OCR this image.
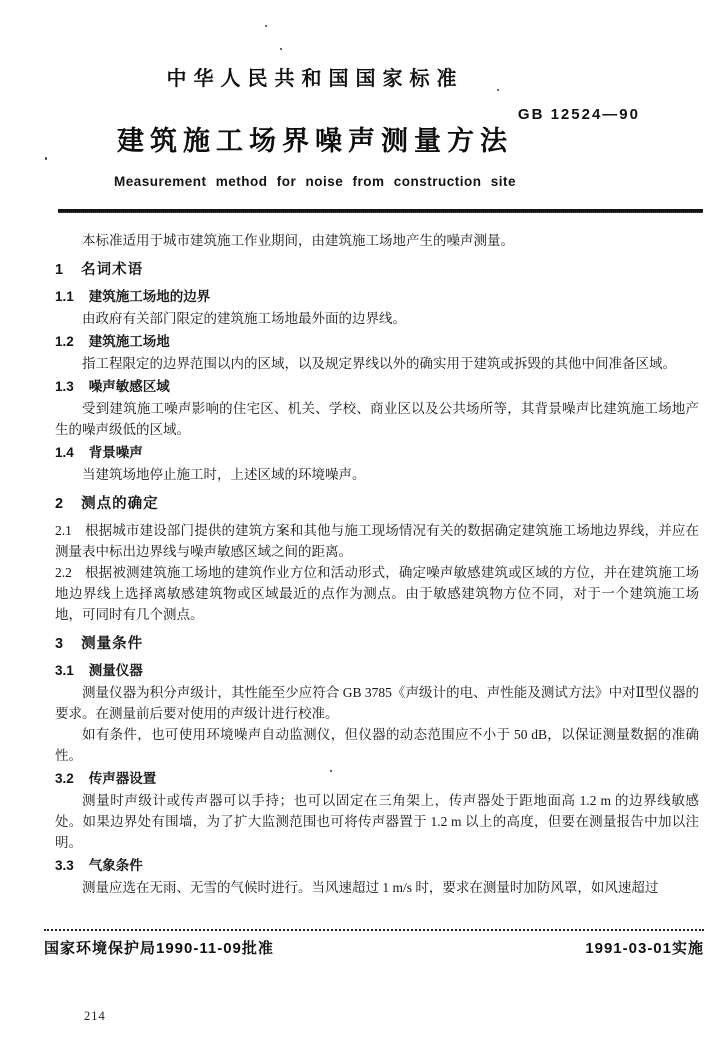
中华人民共和国国家标准
建筑施工场界噪声测量方法
Measurement method for noise from construction site
GB 12524—90
本标准适用于城市建筑施工作业期间，由建筑施工场地产生的噪声测量。
1 名词术语
1.1 建筑施工场地的边界
由政府有关部门限定的建筑施工场地最外面的边界线。
1.2 建筑施工场地
指工程限定的边界范围以内的区域，以及规定界线以外的确实用于建筑或拆毁的其他中间准备区域。
1.3 噪声敏感区域
受到建筑施工噪声影响的住宅区、机关、学校、商业区以及公共场所等，其背景噪声比建筑施工场地产生的噪声级低的区域。
1.4 背景噪声
当建筑场地停止施工时，上述区域的环境噪声。
2 测点的确定
2.1 根据城市建设部门提供的建筑方案和其他与施工现场情况有关的数据确定建筑施工场地边界线，并应在测量表中标出边界线与噪声敏感区域之间的距离。
2.2 根据被测建筑施工场地的建筑作业方位和活动形式，确定噪声敏感建筑或区域的方位，并在建筑施工场地边界线上选择离敏感建筑物或区域最近的点作为测点。由于敏感建筑物方位不同，对于一个建筑施工场地，可同时有几个测点。
3 测量条件
3.1 测量仪器
测量仪器为积分声级计，其性能至少应符合 GB 3785《声级计的电、声性能及测试方法》中对Ⅱ型仪器的要求。在测量前后要对使用的声级计进行校准。
如有条件，也可使用环境噪声自动监测仪，但仪器的动态范围应不小于 50 dB，以保证测量数据的准确性。
3.2 传声器设置
测量时声级计或传声器可以手持；也可以固定在三角架上，传声器处于距地面高 1.2 m 的边界线敏感处。如果边界处有围墙，为了扩大监测范围也可将传声器置于 1.2 m 以上的高度，但要在测量报告中加以注明。
3.3 气象条件
测量应选在无雨、无雪的气候时进行。当风速超过 1 m/s 时，要求在测量时加防风罩，如风速超过
国家环境保护局1990-11-09批准	1991-03-01实施
214
